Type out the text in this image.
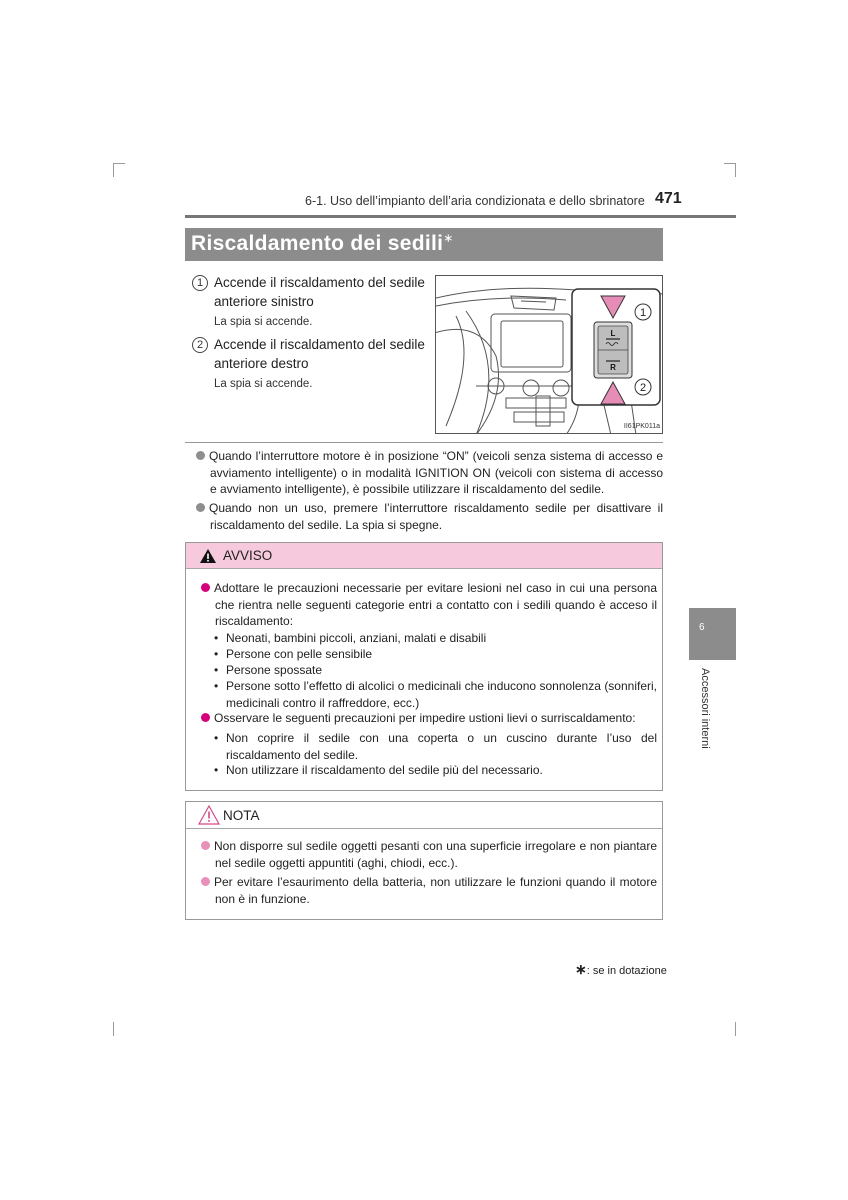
6-1. Uso dell’impianto dell’aria condizionata e dello sbrinatore 471
Riscaldamento dei sedili∗
1 Accende il riscaldamento del sedile anteriore sinistro
La spia si accende.
2 Accende il riscaldamento del sedile anteriore destro
La spia si accende.
L
R
1
2
II61PK011a
Quando l’interruttore motore è in posizione “ON” (veicoli senza sistema di accesso e avviamento intelligente) o in modalità IGNITION ON (veicoli con sistema di accesso e avviamento intelligente), è possibile utilizzare il riscaldamento del sedile.
Quando non un uso, premere l’interruttore riscaldamento sedile per disattivare il riscaldamento del sedile. La spia si spegne.
AVVISO
Adottare le precauzioni necessarie per evitare lesioni nel caso in cui una persona che rientra nelle seguenti categorie entri a contatto con i sedili quando è acceso il riscaldamento:
• Neonati, bambini piccoli, anziani, malati e disabili
• Persone con pelle sensibile
• Persone spossate
• Persone sotto l’effetto di alcolici o medicinali che inducono sonnolenza (sonniferi, medicinali contro il raffreddore, ecc.)
Osservare le seguenti precauzioni per impedire ustioni lievi o surriscaldamento:
• Non coprire il sedile con una coperta o un cuscino durante l’uso del riscaldamento del sedile.
• Non utilizzare il riscaldamento del sedile più del necessario.
NOTA
Non disporre sul sedile oggetti pesanti con una superficie irregolare e non piantare nel sedile oggetti appuntiti (aghi, chiodi, ecc.).
Per evitare l’esaurimento della batteria, non utilizzare le funzioni quando il motore non è in funzione.
∗: se in dotazione
6
Accessori interni
